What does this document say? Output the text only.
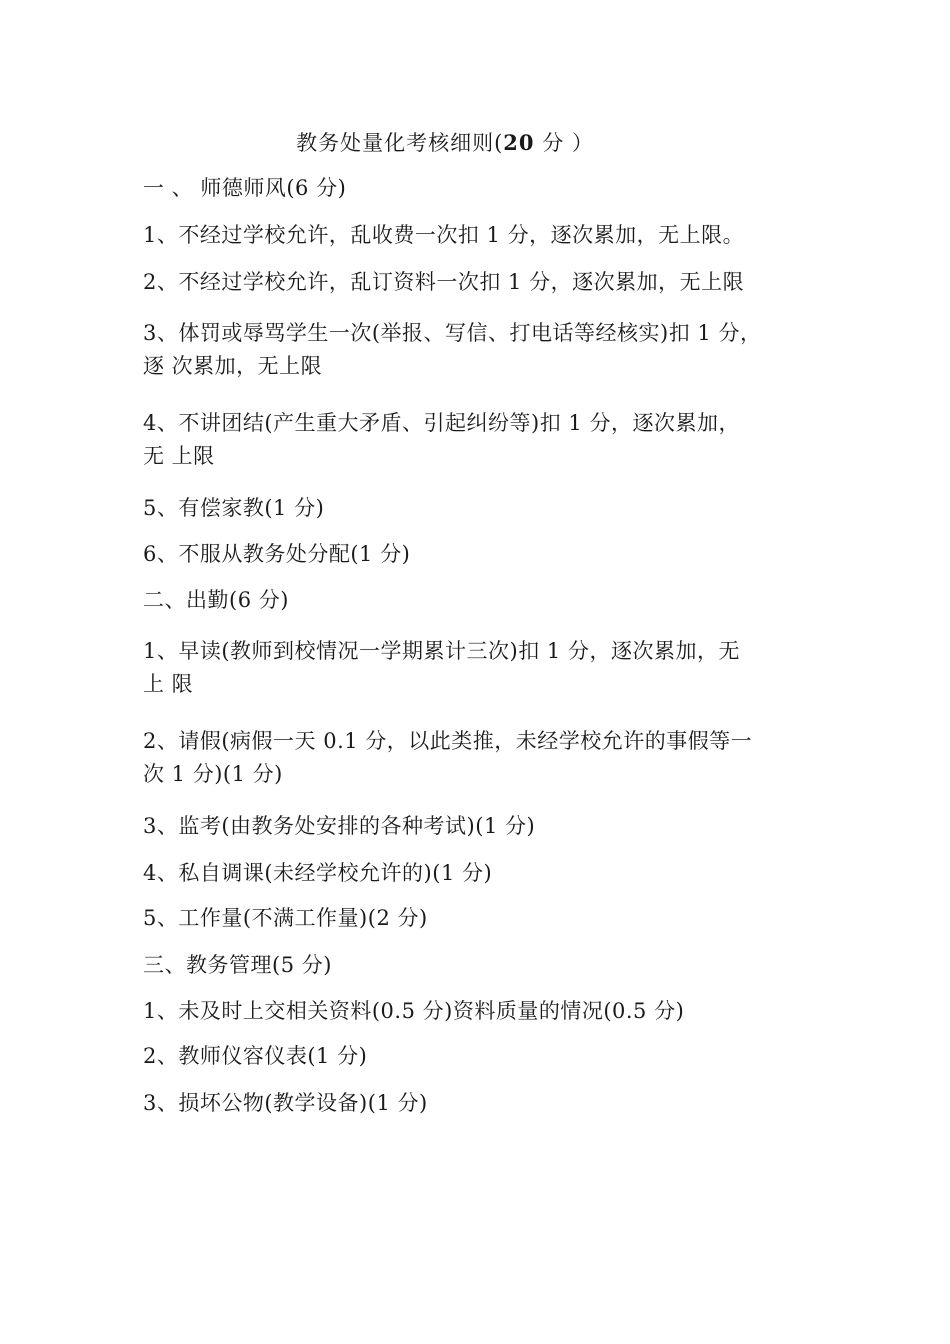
教务处量化考核细则(20 分 ）
一 、 师德师风(6 分)
1、不经过学校允许，乱收费一次扣 1 分，逐次累加，无上限。
2、不经过学校允许，乱订资料一次扣 1 分，逐次累加，无上限
3、体罚或辱骂学生一次(举报、写信、打电话等经核实)扣 1 分，
逐 次累加，无上限
4、不讲团结(产生重大矛盾、引起纠纷等)扣 1 分，逐次累加，
无 上限
5、有偿家教(1 分)
6、不服从教务处分配(1 分)
二、出勤(6 分)
1、早读(教师到校情况一学期累计三次)扣 1 分，逐次累加，无
上 限
2、请假(病假一天 0.1 分，以此类推，未经学校允许的事假等一
次 1 分)(1 分)
3、监考(由教务处安排的各种考试)(1 分)
4、私自调课(未经学校允许的)(1 分)
5、工作量(不满工作量)(2 分)
三、教务管理(5 分)
1、未及时上交相关资料(0.5 分)资料质量的情况(0.5 分)
2、教师仪容仪表(1 分)
3、损坏公物(教学设备)(1 分)
